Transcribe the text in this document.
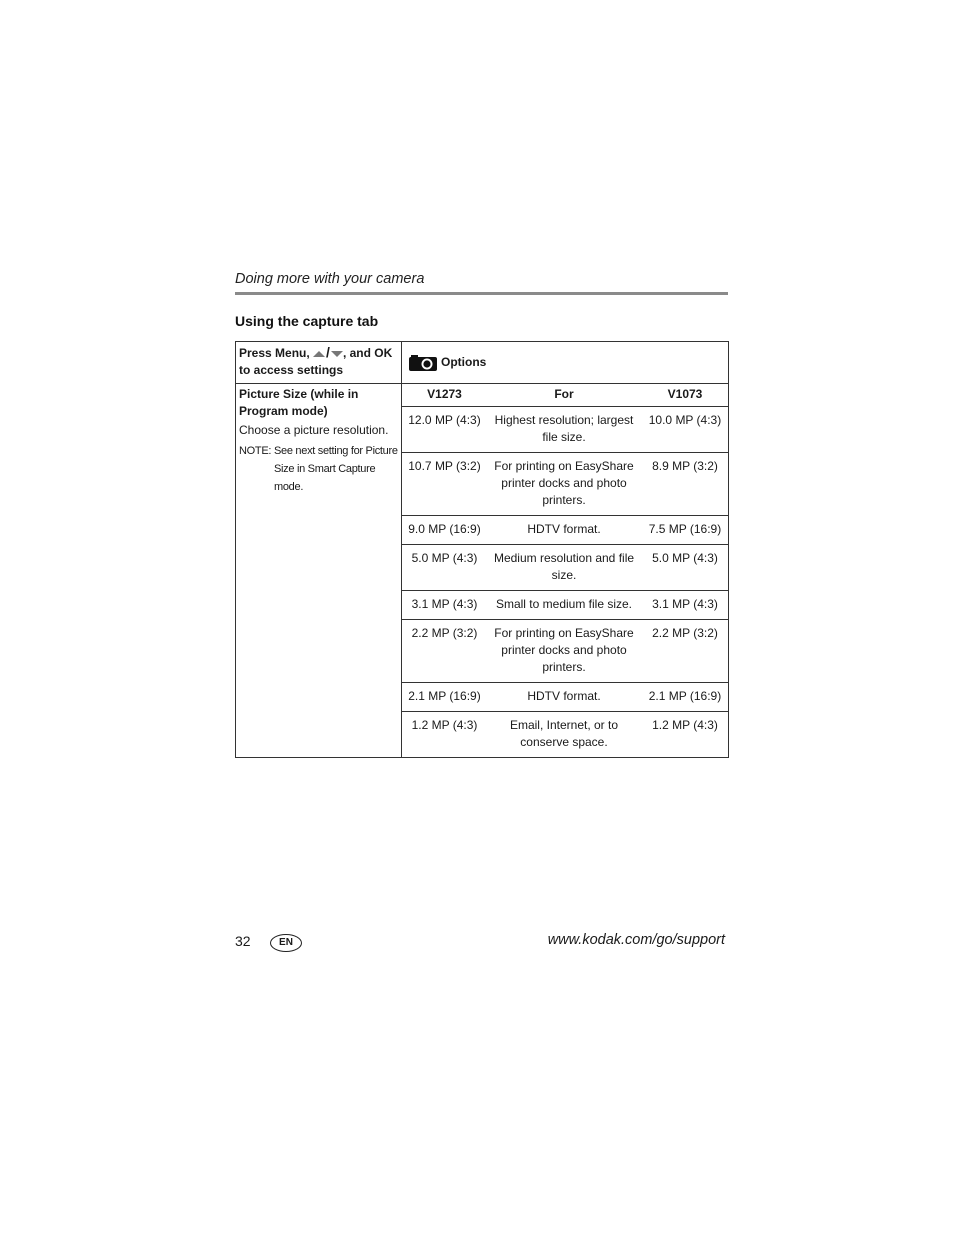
Doing more with your camera
Using the capture tab
Press Menu, / , and OK to access settings	Options

Picture Size (while in Program mode)
Choose a picture resolution.
NOTE: See next setting for Picture Size in Smart Capture mode.

V1273	For	V1073
12.0 MP (4:3)	Highest resolution; largest file size.	10.0 MP (4:3)
10.7 MP (3:2)	For printing on EasyShare printer docks and photo printers.	8.9 MP (3:2)
9.0 MP (16:9)	HDTV format.	7.5 MP (16:9)
5.0 MP (4:3)	Medium resolution and file size.	5.0 MP (4:3)
3.1 MP (4:3)	Small to medium file size.	3.1 MP (4:3)
2.2 MP (3:2)	For printing on EasyShare printer docks and photo printers.	2.2 MP (3:2)
2.1 MP (16:9)	HDTV format.	2.1 MP (16:9)
1.2 MP (4:3)	Email, Internet, or to conserve space.	1.2 MP (4:3)
32	EN	www.kodak.com/go/support
